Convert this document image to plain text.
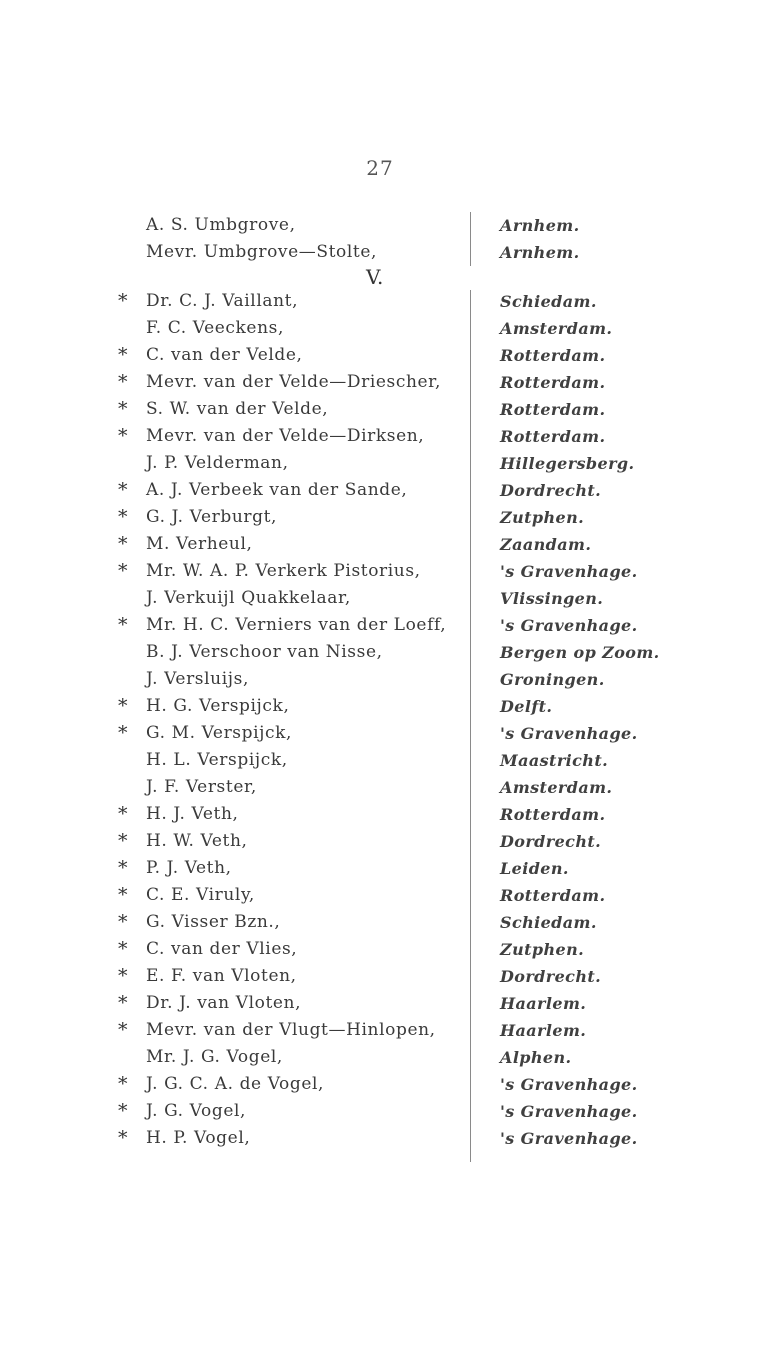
27
A. S. Umbgrove,	Arnhem.
Mevr. Umbgrove—Stolte,	Arnhem.
V.
*	Dr. C. J. Vaillant,	Schiedam.
F. C. Veeckens,	Amsterdam.
*	C. van der Velde,	Rotterdam.
*	Mevr. van der Velde—Driescher,	Rotterdam.
*	S. W. van der Velde,	Rotterdam.
*	Mevr. van der Velde—Dirksen,	Rotterdam.
J. P. Velderman,	Hillegersberg.
*	A. J. Verbeek van der Sande,	Dordrecht.
*	G. J. Verburgt,	Zutphen.
*	M. Verheul,	Zaandam.
*	Mr. W. A. P. Verkerk Pistorius,	's Gravenhage.
J. Verkuijl Quakkelaar,	Vlissingen.
*	Mr. H. C. Verniers van der Loeff,	's Gravenhage.
B. J. Verschoor van Nisse,	Bergen op Zoom.
J. Versluijs,	Groningen.
*	H. G. Verspijck,	Delft.
*	G. M. Verspijck,	's Gravenhage.
H. L. Verspijck,	Maastricht.
J. F. Verster,	Amsterdam.
*	H. J. Veth,	Rotterdam.
*	H. W. Veth,	Dordrecht.
*	P. J. Veth,	Leiden.
*	C. E. Viruly,	Rotterdam.
*	G. Visser Bzn.,	Schiedam.
*	C. van der Vlies,	Zutphen.
*	E. F. van Vloten,	Dordrecht.
*	Dr. J. van Vloten,	Haarlem.
*	Mevr. van der Vlugt—Hinlopen,	Haarlem.
Mr. J. G. Vogel,	Alphen.
*	J. G. C. A. de Vogel,	's Gravenhage.
*	J. G. Vogel,	's Gravenhage.
*	H. P. Vogel,	's Gravenhage.
